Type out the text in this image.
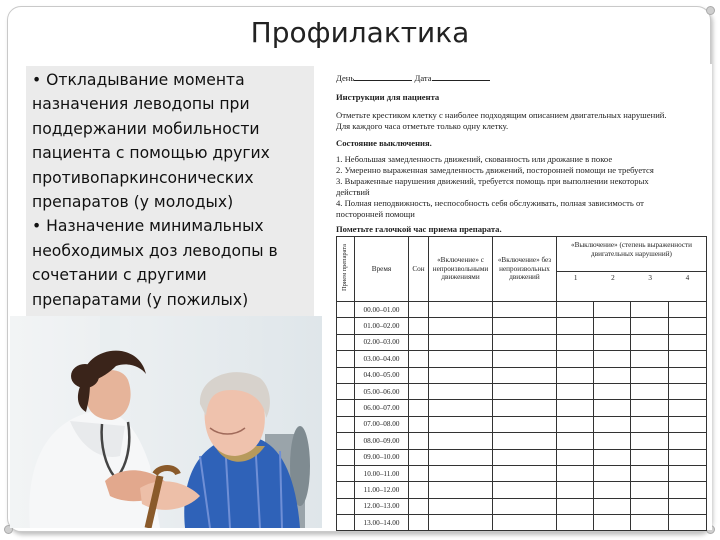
Профилактика
• Откладывание момента назначения леводопы при поддержании мобильности пациента с помощью других противопаркинсонических препаратов (у молодых)
• Назначение минимальных необходимых доз леводопы в сочетании с другими препаратами (у пожилых)
День	Дата
Инструкции для пациента
Отметьте крестиком клетку с наиболее подходящим описанием двигательных нарушений.
Для каждого часа отметьте только одну клетку.
Состояние выключения.
1. Небольшая замедленность движений, скованность или дрожание в покое
2. Умеренно выраженная замедленность движений, посторонней помощи не требуется
3. Выраженные нарушения движений, требуется помощь при выполнении некоторых
действий
4. Полная неподвижность, неспособность себя обслуживать, полная зависимость от
посторонней помощи
Пометьте галочкой час приема препарата.
Прием препарата	Время	Сон	«Включение» с непроизвольными движениями	«Включение» без непроизвольных движений	«Выключение» (степень выраженности двигательных нарушений)
1 2 3 4			

	00.00–01.00							
	01.00–02.00							
	02.00–03.00							
	03.00–04.00							
	04.00–05.00							
	05.00–06.00							
	06.00–07.00							
	07.00–08.00							
	08.00–09.00							
	09.00–10.00							
	10.00–11.00							
	11.00–12.00							
	12.00–13.00							
	13.00–14.00							
